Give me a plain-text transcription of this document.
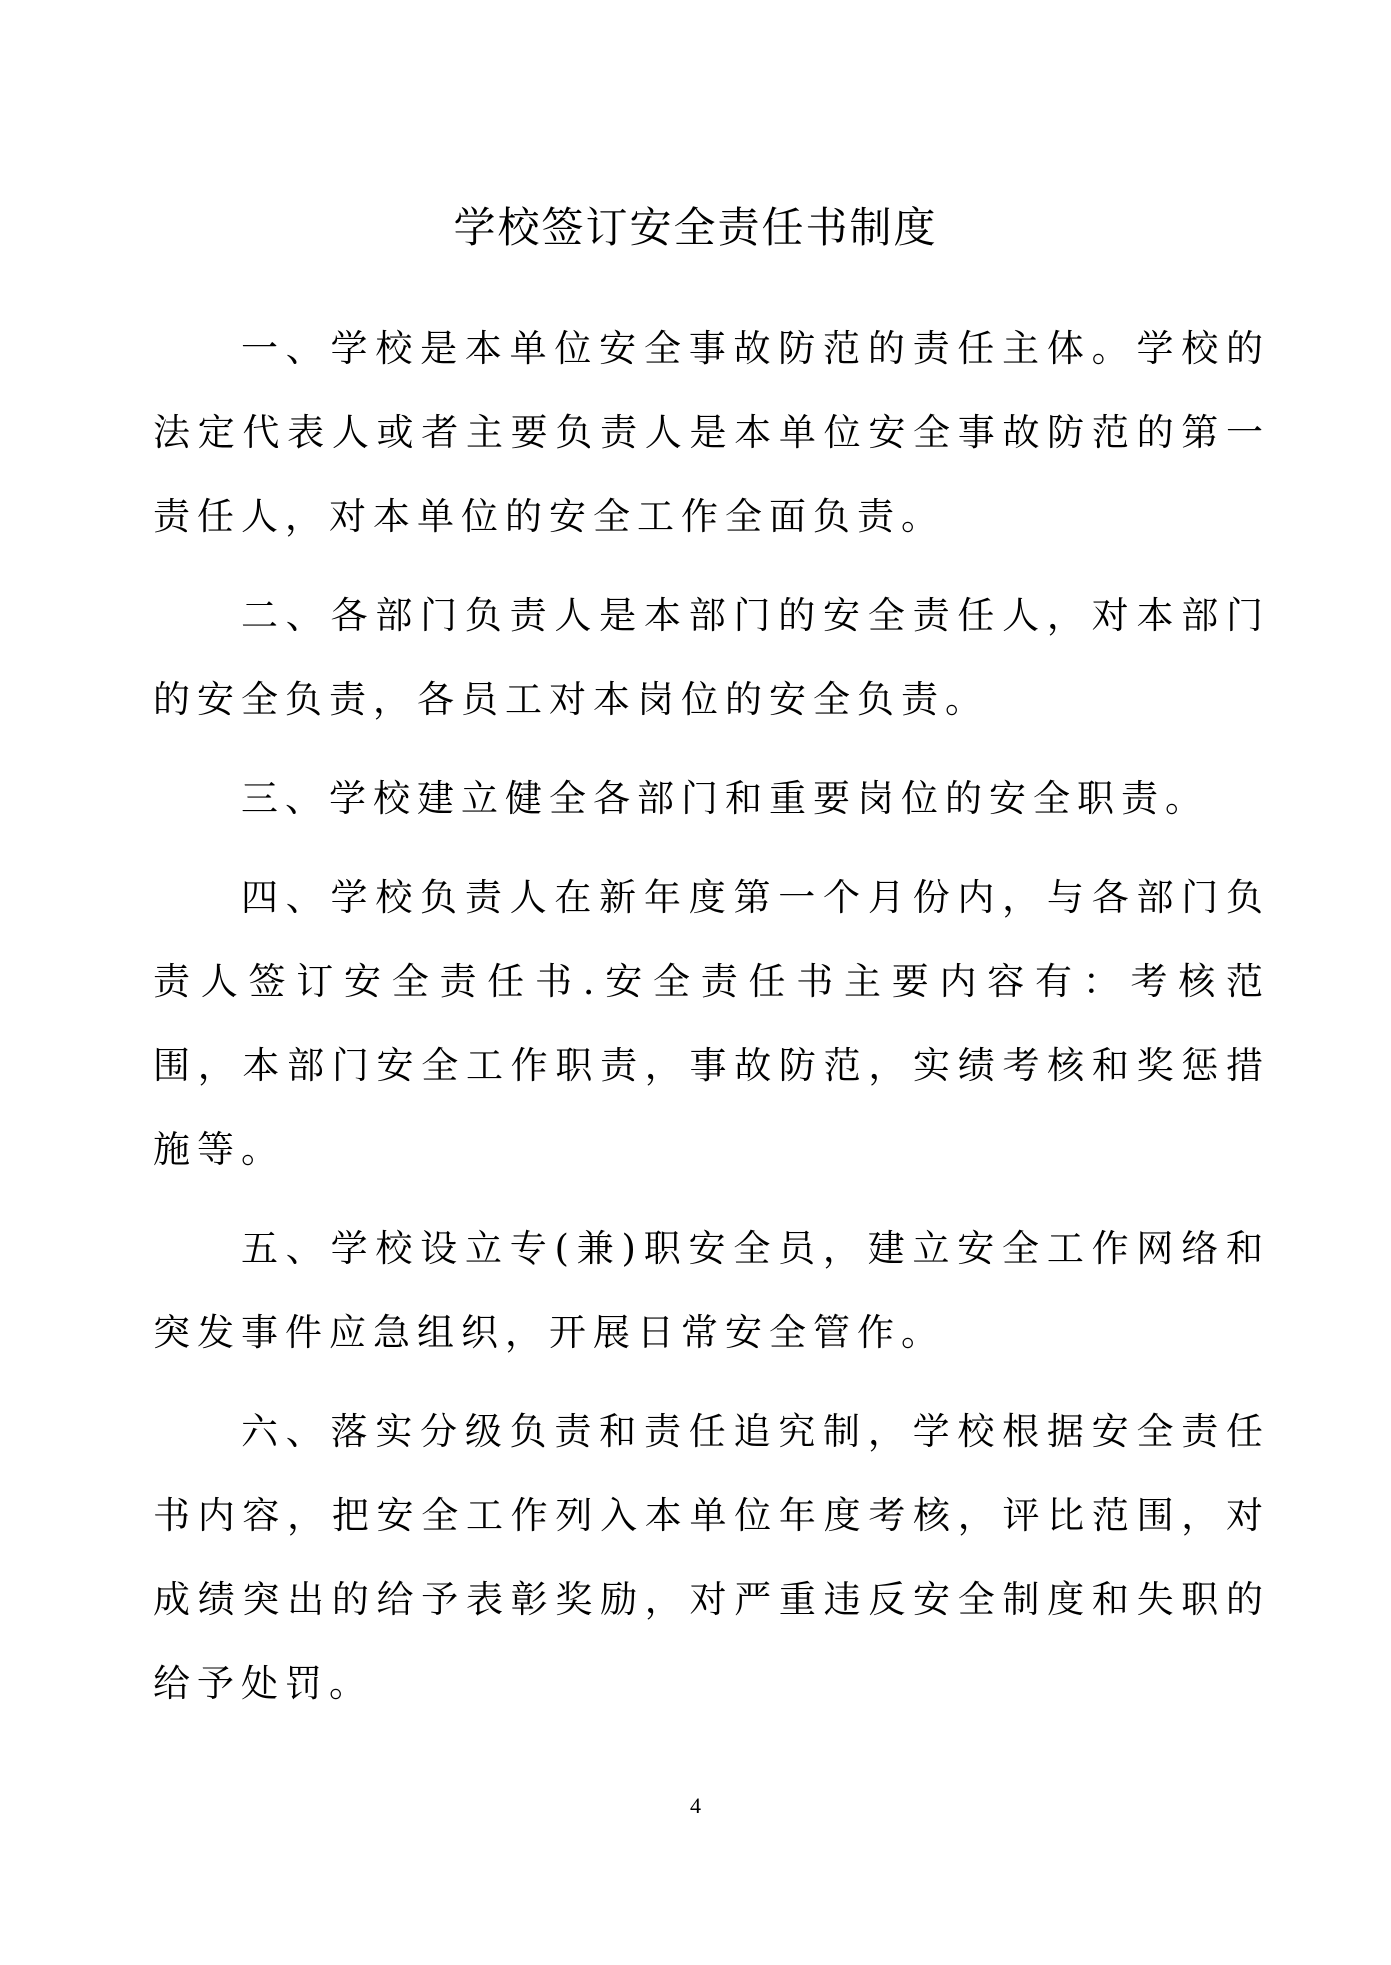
学校签订安全责任书制度

一、学校是本单位安全事故防范的责任主体。学校的法定代表人或者主要负责人是本单位安全事故防范的第一责任人，对本单位的安全工作全面负责。

二、各部门负责人是本部门的安全责任人，对本部门的安全负责，各员工对本岗位的安全负责。

三、学校建立健全各部门和重要岗位的安全职责。

四、学校负责人在新年度第一个月份内，与各部门负责人签订安全责任书.安全责任书主要内容有：考核范围，本部门安全工作职责，事故防范，实绩考核和奖惩措施等。

五、学校设立专(兼)职安全员，建立安全工作网络和突发事件应急组织，开展日常安全管作。

六、落实分级负责和责任追究制，学校根据安全责任书内容，把安全工作列入本单位年度考核，评比范围，对成绩突出的给予表彰奖励，对严重违反安全制度和失职的给予处罚。

4
